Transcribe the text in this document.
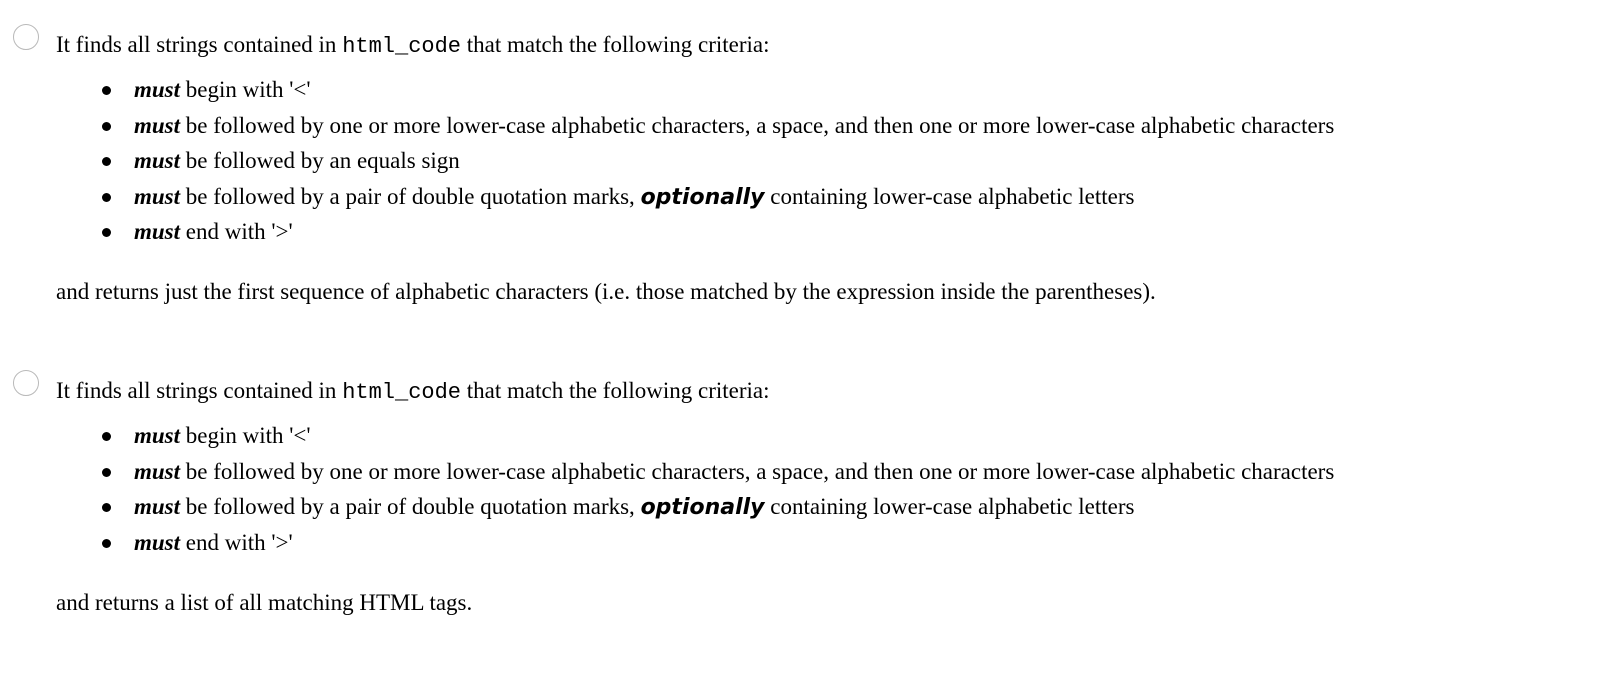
It finds all strings contained in html_code that match the following criteria:
must begin with '<'
must be followed by one or more lower-case alphabetic characters, a space, and then one or more lower-case alphabetic characters
must be followed by an equals sign
must be followed by a pair of double quotation marks, optionally containing lower-case alphabetic letters
must end with '>'
and returns just the first sequence of alphabetic characters (i.e. those matched by the expression inside the parentheses).
It finds all strings contained in html_code that match the following criteria:
must begin with '<'
must be followed by one or more lower-case alphabetic characters, a space, and then one or more lower-case alphabetic characters
must be followed by a pair of double quotation marks, optionally containing lower-case alphabetic letters
must end with '>'
and returns a list of all matching HTML tags.
